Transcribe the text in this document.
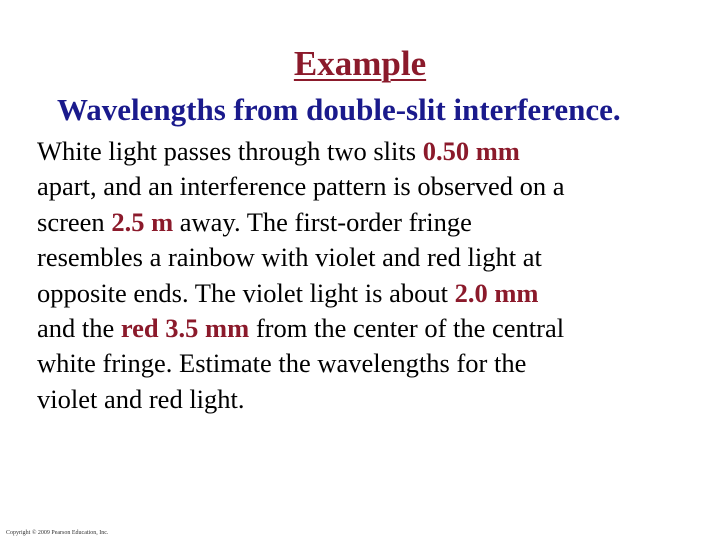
Example
Wavelengths from double-slit interference.
White light passes through two slits 0.50 mm
apart, and an interference pattern is observed on a
screen 2.5 m away. The first-order fringe
resembles a rainbow with violet and red light at
opposite ends. The violet light is about 2.0 mm
and the red 3.5 mm from the center of the central
white fringe. Estimate the wavelengths for the
violet and red light.
Copyright © 2009 Pearson Education, Inc.
